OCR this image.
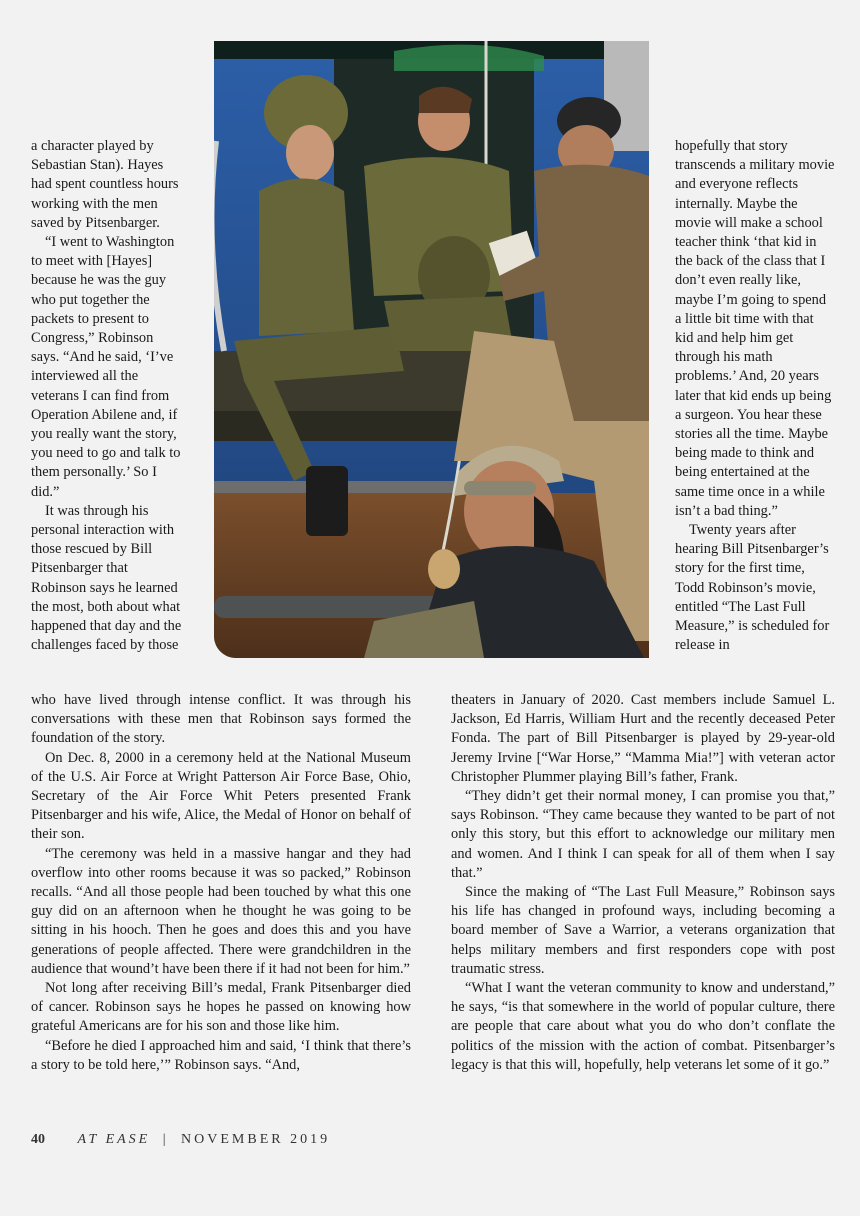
a character played by Sebastian Stan). Hayes had spent countless hours working with the men saved by Pitsenbarger.

“I went to Washington to meet with [Hayes] because he was the guy who put together the packets to present to Congress,” Robinson says. “And he said, ‘I’ve interviewed all the veterans I can find from Operation Abilene and, if you really want the story, you need to go and talk to them personally.’ So I did.”

It was through his personal interaction with those rescued by Bill Pitsenbarger that Robinson says he learned the most, both about what happened that day and the challenges faced by those

who have lived through intense conflict. It was through his conversations with these men that Robinson says formed the foundation of the story.

On Dec. 8, 2000 in a ceremony held at the National Museum of the U.S. Air Force at Wright Patterson Air Force Base, Ohio, Secretary of the Air Force Whit Peters presented Frank Pitsenbarger and his wife, Alice, the Medal of Honor on behalf of their son.

“The ceremony was held in a massive hangar and they had overflow into other rooms because it was so packed,” Robinson recalls. “And all those people had been touched by what this one guy did on an afternoon when he thought he was going to be sitting in his hooch. Then he goes and does this and you have generations of people affected. There were grandchildren in the audience that wound’t have been there if it had not been for him.”

Not long after receiving Bill’s medal, Frank Pitsenbarger died of cancer. Robinson says he hopes he passed on knowing how grateful Americans are for his son and those like him.

“Before he died I approached him and said, ‘I think that there’s a story to be told here,’” Robinson says. “And,

hopefully that story transcends a military movie and everyone reflects internally. Maybe the movie will make a school teacher think ‘that kid in the back of the class that I don’t even really like, maybe I’m going to spend a little bit time with that kid and help him get through his math problems.’ And, 20 years later that kid ends up being a surgeon. You hear these stories all the time. Maybe being made to think and being entertained at the same time once in a while isn’t a bad thing.”

Twenty years after hearing Bill Pitsenbarger’s story for the first time, Todd Robinson’s movie, entitled “The Last Full Measure,” is scheduled for release in

theaters in January of 2020. Cast members include Samuel L. Jackson, Ed Harris, William Hurt and the recently deceased Peter Fonda. The part of Bill Pitsenbarger is played by 29-year-old Jeremy Irvine [“War Horse,” “Mamma Mia!”] with veteran actor Christopher Plummer playing Bill’s father, Frank.

“They didn’t get their normal money, I can promise you that,” says Robinson. “They came because they wanted to be part of not only this story, but this effort to acknowledge our military men and women. And I think I can speak for all of them when I say that.”

Since the making of “The Last Full Measure,” Robinson says his life has changed in profound ways, including becoming a board member of Save a Warrior, a veterans organization that helps military members and first responders cope with post traumatic stress.

“What I want the veteran community to know and understand,” he says, “is that somewhere in the world of popular culture, there are people that care about what you do who don’t conflate the politics of the mission with the action of combat. Pitsenbarger’s legacy is that this will, hopefully, help veterans let some of it go.”

40 AT EASE | NOVEMBER 2019
